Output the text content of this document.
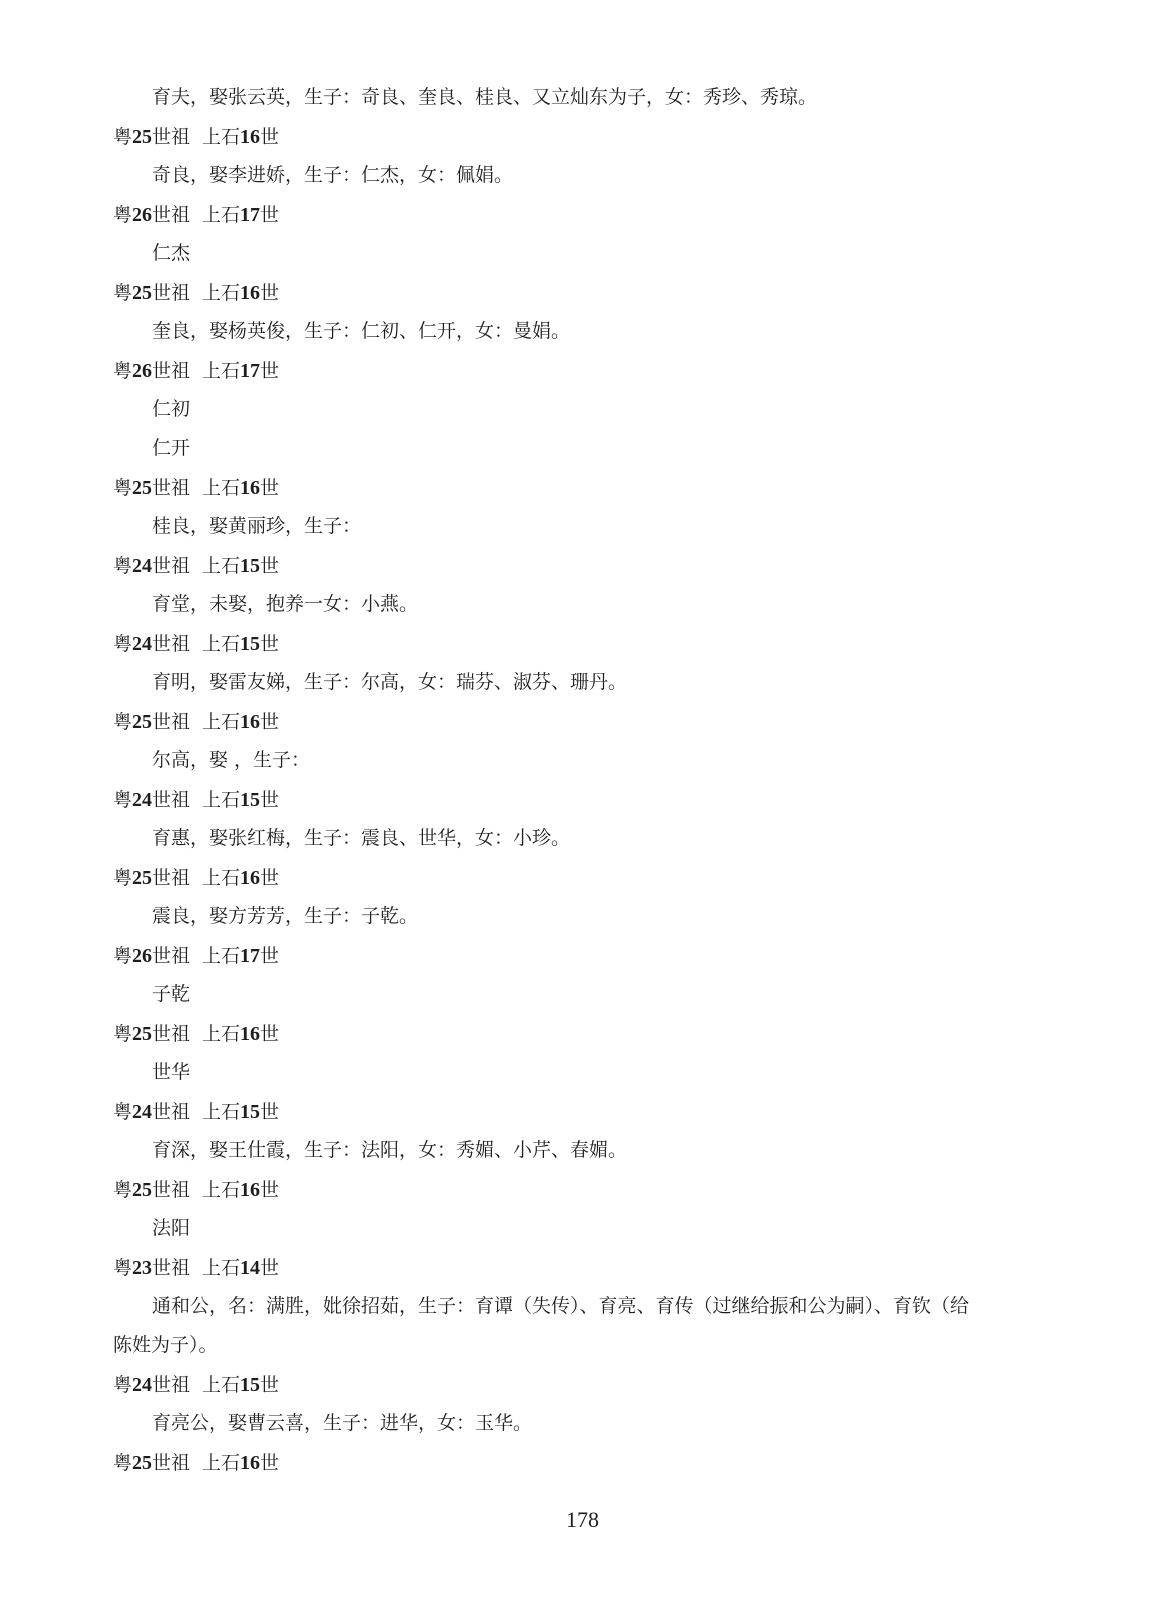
育夫，娶张云英，生子：奇良、奎良、桂良、又立灿东为子，女：秀珍、秀琼。
粤25世祖 上石16世
奇良，娶李进娇，生子：仁杰，女：佩娟。
粤26世祖 上石17世
仁杰
粤25世祖 上石16世
奎良，娶杨英俊，生子：仁初、仁开，女：曼娟。
粤26世祖 上石17世
仁初
仁开
粤25世祖 上石16世
桂良，娶黄丽珍，生子：
粤24世祖 上石15世
育堂，未娶，抱养一女：小燕。
粤24世祖 上石15世
育明，娶雷友娣，生子：尔高，女：瑞芬、淑芬、珊丹。
粤25世祖 上石16世
尔高，娶 ，生子：
粤24世祖 上石15世
育惠，娶张红梅，生子：震良、世华，女：小珍。
粤25世祖 上石16世
震良，娶方芳芳，生子：子乾。
粤26世祖 上石17世
子乾
粤25世祖 上石16世
世华
粤24世祖 上石15世
育深，娶王仕霞，生子：法阳，女：秀媚、小芹、春媚。
粤25世祖 上石16世
法阳
粤23世祖 上石14世
通和公，名：满胜，妣徐招茹，生子：育谭（失传）、育亮、育传（过继给振和公为嗣）、育钦（给
陈姓为子）。
粤24世祖 上石15世
育亮公，娶曹云喜，生子：进华，女：玉华。
粤25世祖 上石16世
178
